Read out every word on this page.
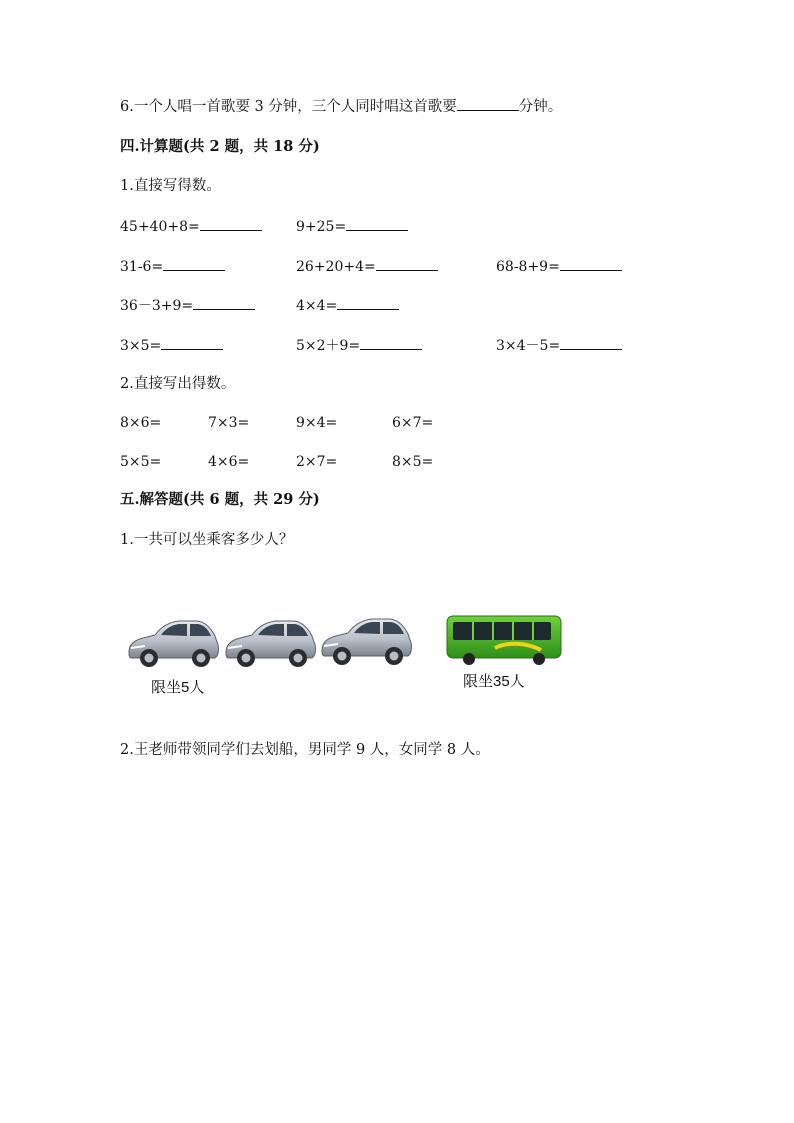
6.一个人唱一首歌要 3 分钟，三个人同时唱这首歌要	分钟。
四.计算题(共 2 题，共 18 分)
1.直接写得数。
45+40+8=	9+25=
31-6=	26+20+4=	68-8+9=
36－3+9=	4×4=
3×5=	5×2＋9=	3×4－5=
2.直接写出得数。
8×6=	7×3=	9×4=	6×7=
5×5=	4×6=	2×7=	8×5=
五.解答题(共 6 题，共 29 分)
1.一共可以坐乘客多少人？
限坐5人	限坐35人
2.王老师带领同学们去划船，男同学 9 人，女同学 8 人。
